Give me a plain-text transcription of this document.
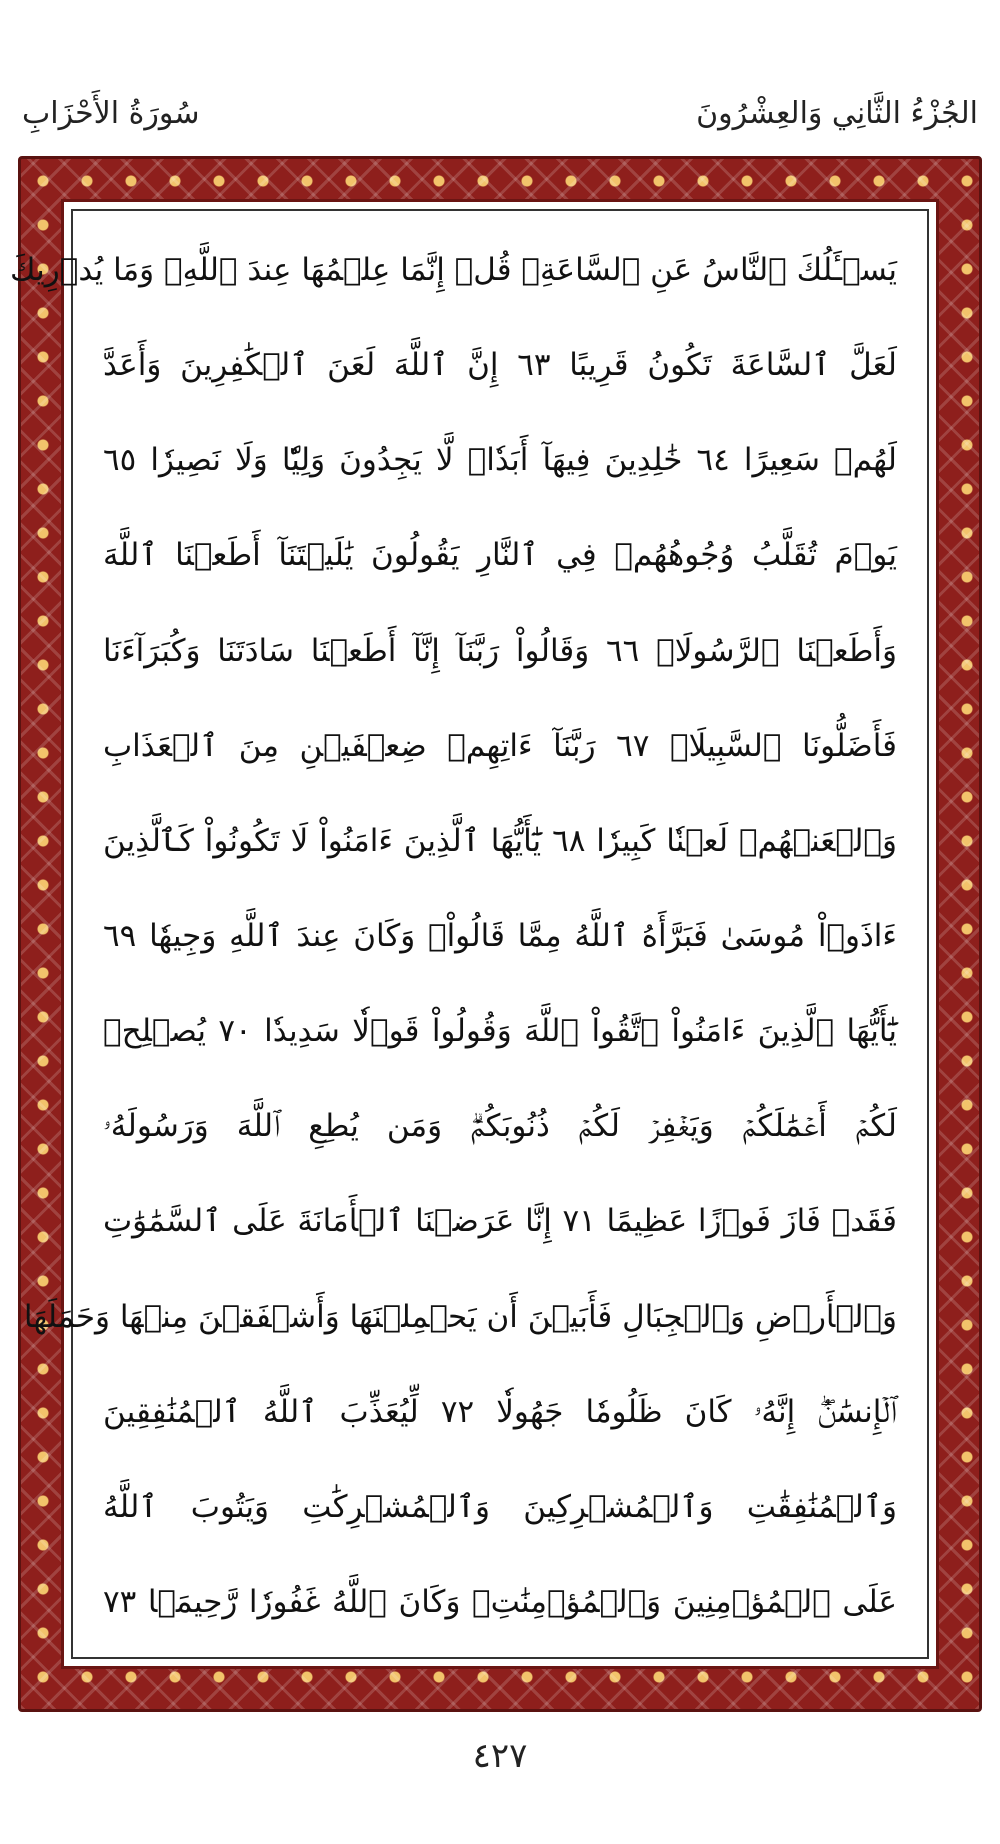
سُورَةُ الأَحْزَابِ	الجُزْءُ الثَّانِي وَالعِشْرُونَ
يَسۡـَٔلُكَ ٱلنَّاسُ عَنِ ٱلسَّاعَةِۖ قُلۡ إِنَّمَا عِلۡمُهَا عِندَ ٱللَّهِۚ وَمَا يُدۡرِيكَ
لَعَلَّ ٱلسَّاعَةَ تَكُونُ قَرِيبًا ٦٣ إِنَّ ٱللَّهَ لَعَنَ ٱلۡكَٰفِرِينَ وَأَعَدَّ
لَهُمۡ سَعِيرًا ٦٤ خَٰلِدِينَ فِيهَآ أَبَدٗاۖ لَّا يَجِدُونَ وَلِيّٗا وَلَا نَصِيرٗا ٦٥
يَوۡمَ تُقَلَّبُ وُجُوهُهُمۡ فِي ٱلنَّارِ يَقُولُونَ يَٰلَيۡتَنَآ أَطَعۡنَا ٱللَّهَ
وَأَطَعۡنَا ٱلرَّسُولَا۠ ٦٦ وَقَالُواْ رَبَّنَآ إِنَّآ أَطَعۡنَا سَادَتَنَا وَكُبَرَآءَنَا
فَأَضَلُّونَا ٱلسَّبِيلَا۠ ٦٧ رَبَّنَآ ءَاتِهِمۡ ضِعۡفَيۡنِ مِنَ ٱلۡعَذَابِ
وَٱلۡعَنۡهُمۡ لَعۡنٗا كَبِيرٗا ٦٨ يَٰٓأَيُّهَا ٱلَّذِينَ ءَامَنُواْ لَا تَكُونُواْ كَٱلَّذِينَ
ءَاذَوۡاْ مُوسَىٰ فَبَرَّأَهُ ٱللَّهُ مِمَّا قَالُواْۚ وَكَانَ عِندَ ٱللَّهِ وَجِيهٗا ٦٩
يَٰٓأَيُّهَا ٱلَّذِينَ ءَامَنُواْ ٱتَّقُواْ ٱللَّهَ وَقُولُواْ قَوۡلٗا سَدِيدٗا ٧٠ يُصۡلِحۡ
لَكُمۡ أَعۡمَٰلَكُمۡ وَيَغۡفِرۡ لَكُمۡ ذُنُوبَكُمۡۗ وَمَن يُطِعِ ٱللَّهَ وَرَسُولَهُۥ
فَقَدۡ فَازَ فَوۡزًا عَظِيمًا ٧١ إِنَّا عَرَضۡنَا ٱلۡأَمَانَةَ عَلَى ٱلسَّمَٰوَٰتِ
وَٱلۡأَرۡضِ وَٱلۡجِبَالِ فَأَبَيۡنَ أَن يَحۡمِلۡنَهَا وَأَشۡفَقۡنَ مِنۡهَا وَحَمَلَهَا
ٱلۡإِنسَٰنُۖ إِنَّهُۥ كَانَ ظَلُومٗا جَهُولٗا ٧٢ لِّيُعَذِّبَ ٱللَّهُ ٱلۡمُنَٰفِقِينَ
وَٱلۡمُنَٰفِقَٰتِ وَٱلۡمُشۡرِكِينَ وَٱلۡمُشۡرِكَٰتِ وَيَتُوبَ ٱللَّهُ
عَلَى ٱلۡمُؤۡمِنِينَ وَٱلۡمُؤۡمِنَٰتِۗ وَكَانَ ٱللَّهُ غَفُورٗا رَّحِيمَۢا ٧٣
٤٢٧
